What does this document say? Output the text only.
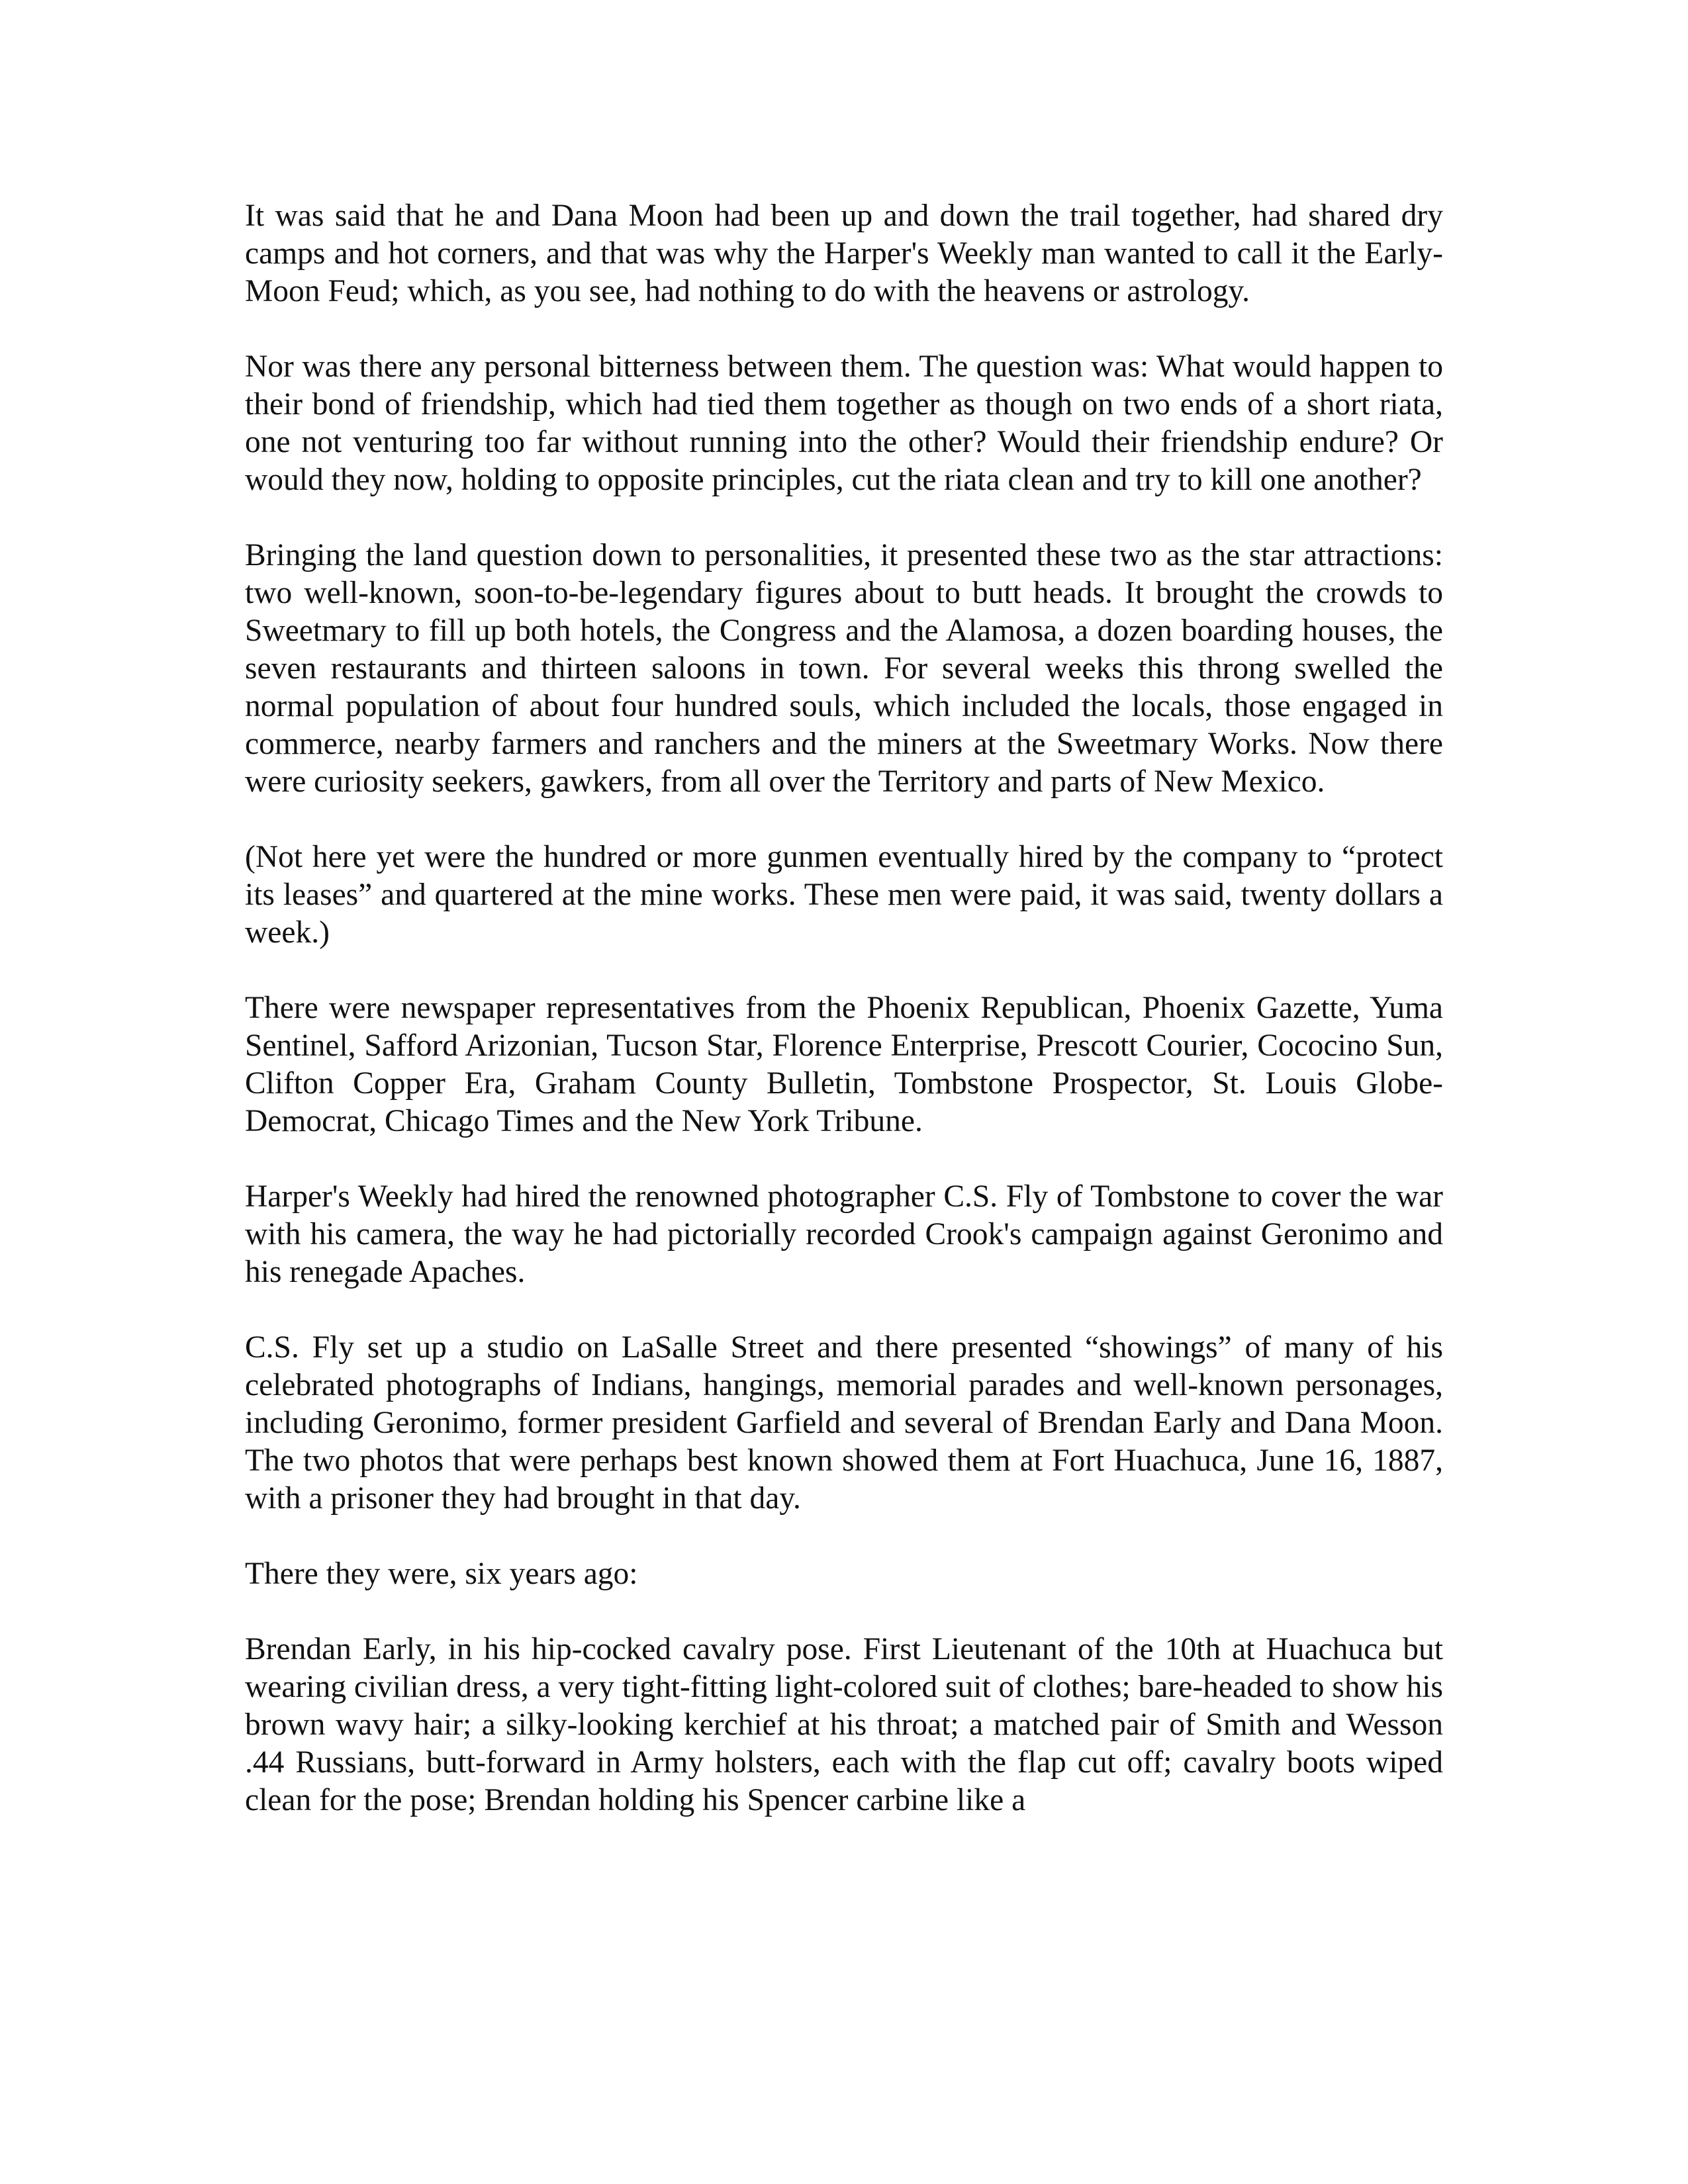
It was said that he and Dana Moon had been up and down the trail together, had shared dry camps and hot corners, and that was why the Harper's Weekly man wanted to call it the Early-Moon Feud; which, as you see, had nothing to do with the heavens or astrology.

Nor was there any personal bitterness between them. The question was: What would happen to their bond of friendship, which had tied them together as though on two ends of a short riata, one not venturing too far without running into the other? Would their friendship endure? Or would they now, holding to opposite principles, cut the riata clean and try to kill one another?

Bringing the land question down to personalities, it presented these two as the star attractions: two well-known, soon-to-be-legendary figures about to butt heads. It brought the crowds to Sweetmary to fill up both hotels, the Congress and the Alamosa, a dozen boarding houses, the seven restaurants and thirteen saloons in town. For several weeks this throng swelled the normal population of about four hundred souls, which included the locals, those engaged in commerce, nearby farmers and ranchers and the miners at the Sweetmary Works. Now there were curiosity seekers, gawkers, from all over the Territory and parts of New Mexico.

(Not here yet were the hundred or more gunmen eventually hired by the company to “protect its leases” and quartered at the mine works. These men were paid, it was said, twenty dollars a week.)

There were newspaper representatives from the Phoenix Republican, Phoenix Gazette, Yuma Sentinel, Safford Arizonian, Tucson Star, Florence Enterprise, Prescott Courier, Cococino Sun, Clifton Copper Era, Graham County Bulletin, Tombstone Prospector, St. Louis Globe-Democrat, Chicago Times and the New York Tribune.

Harper's Weekly had hired the renowned photographer C.S. Fly of Tombstone to cover the war with his camera, the way he had pictorially recorded Crook's campaign against Geronimo and his renegade Apaches.

C.S. Fly set up a studio on LaSalle Street and there presented “showings” of many of his celebrated photographs of Indians, hangings, memorial parades and well-known personages, including Geronimo, former president Garfield and several of Brendan Early and Dana Moon. The two photos that were perhaps best known showed them at Fort Huachuca, June 16, 1887, with a prisoner they had brought in that day.

There they were, six years ago:

Brendan Early, in his hip-cocked cavalry pose. First Lieutenant of the 10th at Huachuca but wearing civilian dress, a very tight-fitting light-colored suit of clothes; bare-headed to show his brown wavy hair; a silky-looking kerchief at his throat; a matched pair of Smith and Wesson .44 Russians, butt-forward in Army holsters, each with the flap cut off; cavalry boots wiped clean for the pose; Brendan holding his Spencer carbine like a
